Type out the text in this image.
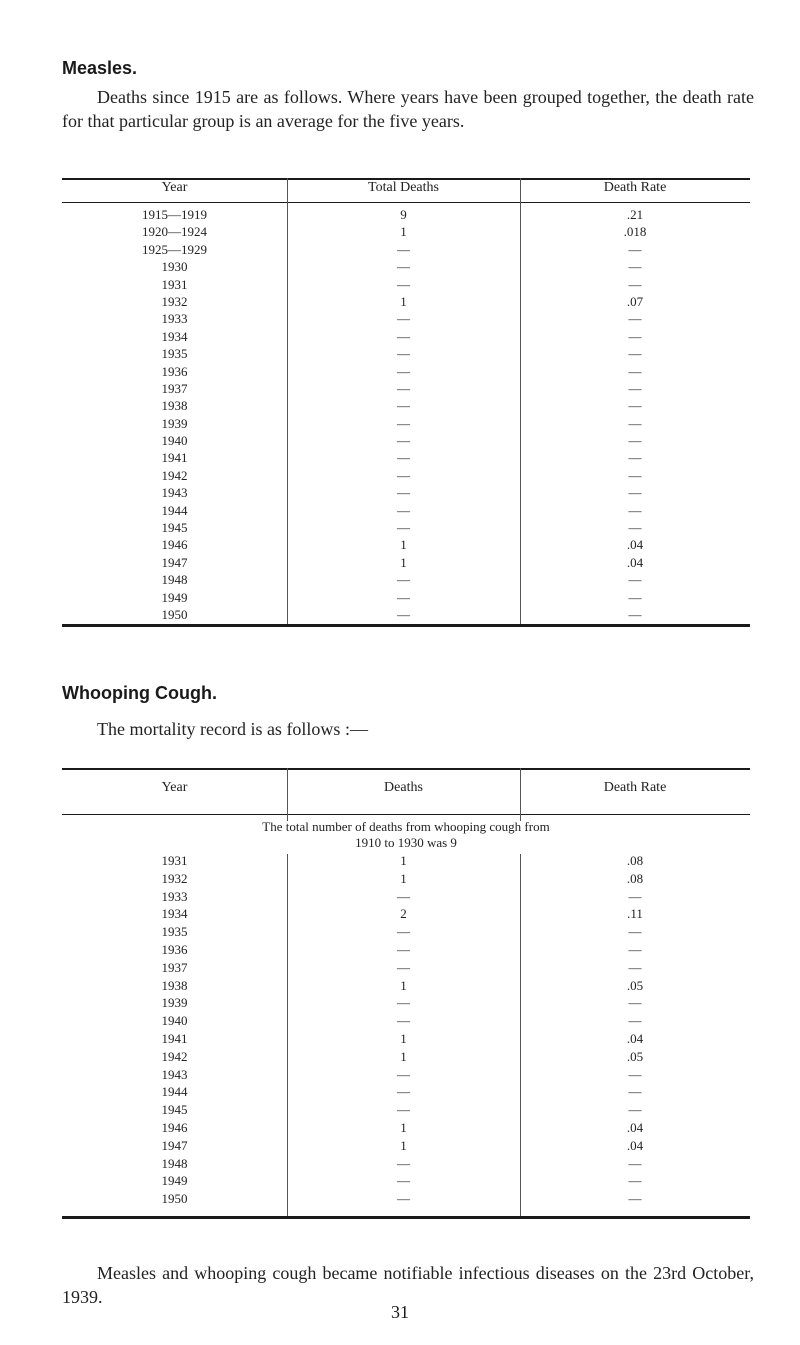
Measles.
Deaths since 1915 are as follows. Where years have been grouped together, the death rate for that particular group is an average for the five years.
Year	Total Deaths	Death Rate
1915—1919	9	.21
1920—1924	1	.018
1925—1929	—	—
1930	—	—
1931	—	—
1932	1	.07
1933	—	—
1934	—	—
1935	—	—
1936	—	—
1937	—	—
1938	—	—
1939	—	—
1940	—	—
1941	—	—
1942	—	—
1943	—	—
1944	—	—
1945	—	—
1946	1	.04
1947	1	.04
1948	—	—
1949	—	—
1950	—	—
Whooping Cough.
The mortality record is as follows :—
Year	Deaths	Death Rate
The total number of deaths from whooping cough from
1910 to 1930 was 9
1931	1	.08
1932	1	.08
1933	—	—
1934	2	.11
1935	—	—
1936	—	—
1937	—	—
1938	1	.05
1939	—	—
1940	—	—
1941	1	.04
1942	1	.05
1943	—	—
1944	—	—
1945	—	—
1946	1	.04
1947	1	.04
1948	—	—
1949	—	—
1950	—	—
Measles and whooping cough became notifiable infectious diseases on the 23rd October, 1939.
31
